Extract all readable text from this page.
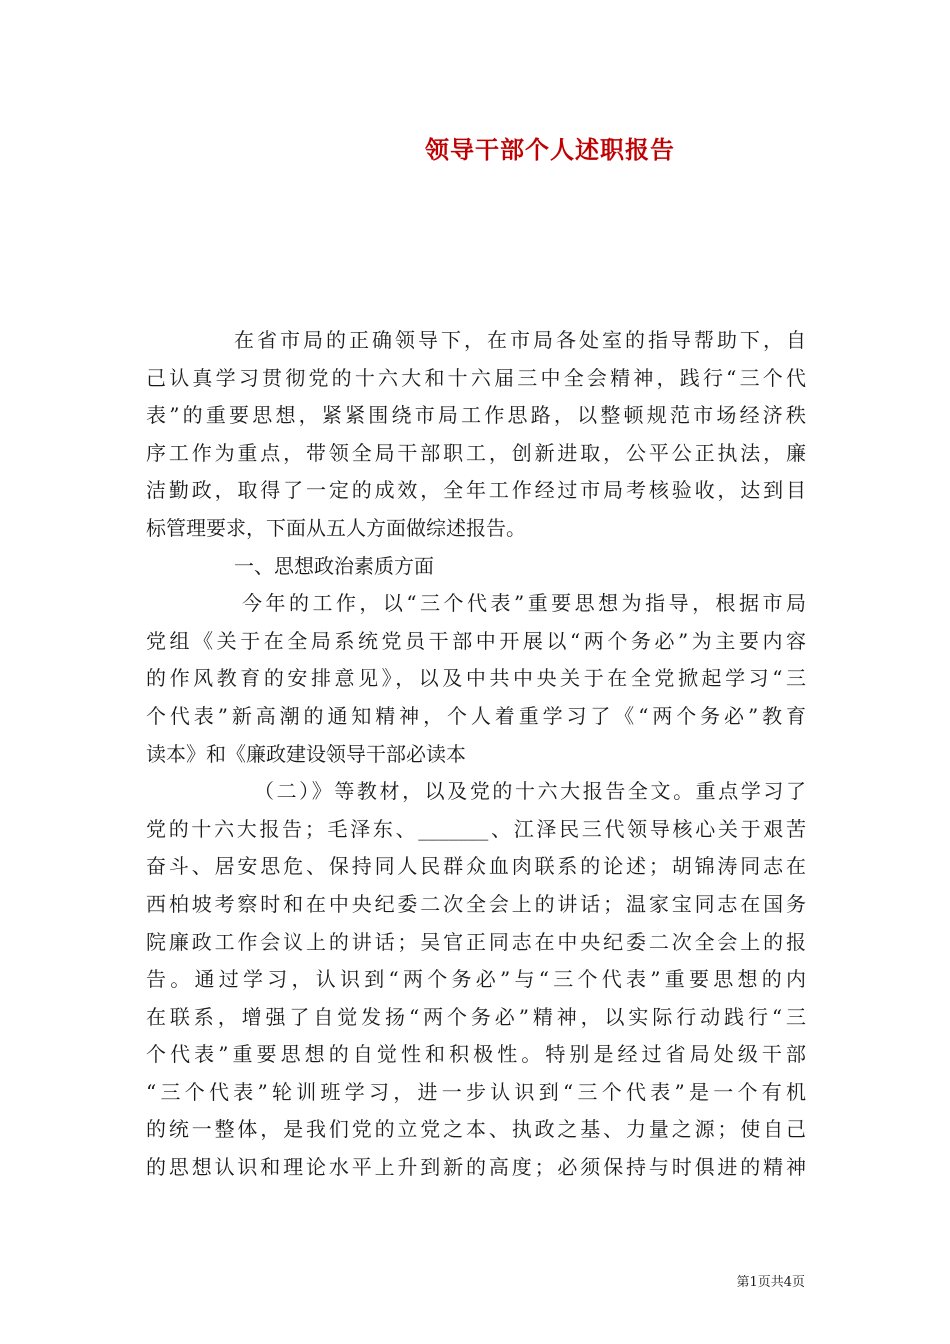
领导干部个人述职报告
在省市局的正确领导下，在市局各处室的指导帮助下，自
己认真学习贯彻党的十六大和十六届三中全会精神，践行“三个代
表”的重要思想，紧紧围绕市局工作思路，以整顿规范市场经济秩
序工作为重点，带领全局干部职工，创新进取，公平公正执法，廉
洁勤政，取得了一定的成效，全年工作经过市局考核验收，达到目
标管理要求，下面从五人方面做综述报告。
一、思想政治素质方面
今年的工作，以“三个代表”重要思想为指导，根据市局
党组《关于在全局系统党员干部中开展以“两个务必”为主要内容
的作风教育的安排意见》，以及中共中央关于在全党掀起学习“三
个代表”新高潮的通知精神，个人着重学习了《“两个务必”教育
读本》和《廉政建设领导干部必读本
（二）》等教材，以及党的十六大报告全文。重点学习了
党的十六大报告；毛泽东、_______、江泽民三代领导核心关于艰苦
奋斗、居安思危、保持同人民群众血肉联系的论述；胡锦涛同志在
西柏坡考察时和在中央纪委二次全会上的讲话；温家宝同志在国务
院廉政工作会议上的讲话；吴官正同志在中央纪委二次全会上的报
告。通过学习，认识到“两个务必”与“三个代表”重要思想的内
在联系，增强了自觉发扬“两个务必”精神，以实际行动践行“三
个代表”重要思想的自觉性和积极性。特别是经过省局处级干部
“三个代表”轮训班学习，进一步认识到“三个代表”是一个有机
的统一整体，是我们党的立党之本、执政之基、力量之源；使自己
的思想认识和理论水平上升到新的高度；必须保持与时俱进的精神
第1页共4页
